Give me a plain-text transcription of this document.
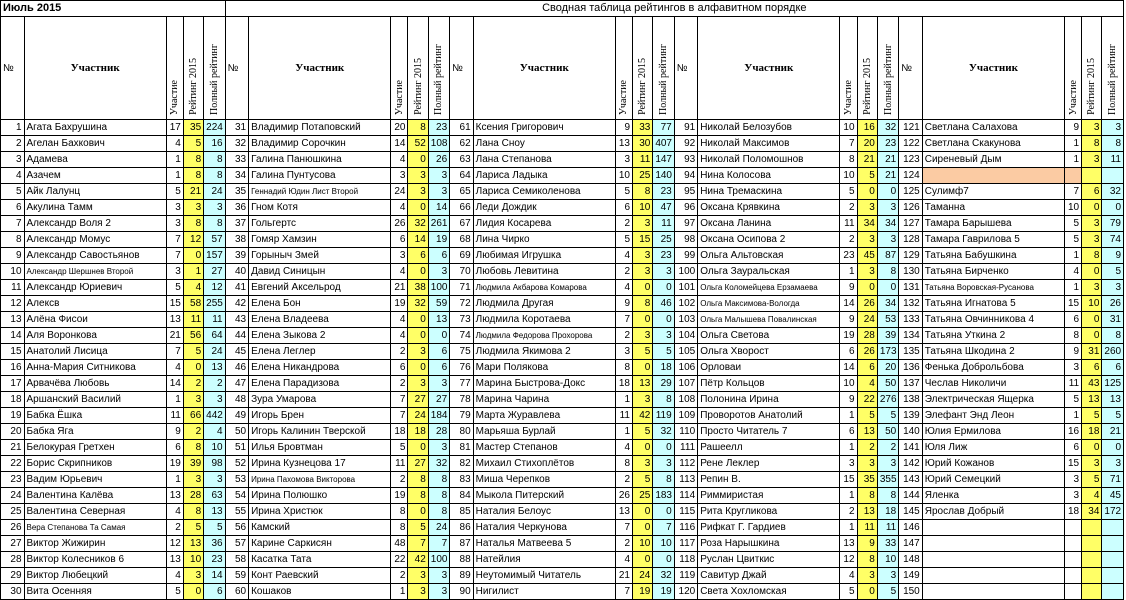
Июль 2015					Сводная таблица рейтингов в алфавитном порядке																			
№	Участник	Участие	Рейтинг 2015	Полный рейтинг	№	Участник	Участие	Рейтинг 2015	Полный рейтинг	№	Участник	Участие	Рейтинг 2015	Полный рейтинг	№	Участник	Участие	Рейтинг 2015	Полный рейтинг	№	Участник	Участие	Рейтинг 2015	Полный рейтинг
1	Агата Бахрушина	17	35	224	31	Владимир Потаповский	20	8	23	61	Ксения Григорович	9	33	77	91	Николай Белозубов	10	16	32	121	Светлана Салахова	9	3	3
2	Агелан Бахкович	4	5	16	32	Владимир Сорочкин	14	52	108	62	Лана Сноу	13	30	407	92	Николай Максимов	7	20	23	122	Светлана Скакунова	1	8	8
3	Адамева	1	8	8	33	Галина Панюшкина	4	0	26	63	Лана Степанова	3	11	147	93	Николай Поломошнов	8	21	21	123	Сиреневый Дым	1	3	11
4	Азачем	1	8	8	34	Галина Пунтусова	3	3	3	64	Лариса Ладыка	10	25	140	94	Нина Колосова	10	5	21	124				
5	Айк Лалунц	5	21	24	35	Геннадий Юдин Лист Второй	24	3	3	65	Лариса Семиколенова	5	8	23	95	Нина Тремаскина	5	0	0	125	Сулимф7	7	6	32
6	Акулина Тамм	3	3	3	36	Гном Котя	4	0	14	66	Леди Дождик	6	10	47	96	Оксана Крявкина	2	3	3	126	Таманна	10	0	0
7	Александр Воля 2	3	8	8	37	Гольгертс	26	32	261	67	Лидия Косарева	2	3	11	97	Оксана Ланина	11	34	34	127	Тамара Барышева	5	3	79
8	Александр Момус	7	12	57	38	Гомяр Хамзин	6	14	19	68	Лина Чирко	5	15	25	98	Оксана Осипова 2	2	3	3	128	Тамара Гаврилова 5	5	3	74
9	Александр Савостьянов	7	0	157	39	Горыныч Змей	3	6	6	69	Любимая Игрушка	4	3	23	99	Ольга Альтовская	23	45	87	129	Татьяна Бабушкина	1	8	9
10	Александр Шершнев Второй	3	1	27	40	Давид Синицын	4	0	3	70	Любовь Левитина	2	3	3	100	Ольга Зауральская	1	3	8	130	Татьяна Бирченко	4	0	5
11	Александр Юриевич	5	4	12	41	Евгений Аксельрод	21	38	100	71	Людмила Акбарова Комарова	4	0	0	101	Ольга Коломейцева Ерзамаева	9	0	0	131	Татьяна Воровская-Русанова	1	3	3
12	Алексв	15	58	255	42	Елена Бон	19	32	59	72	Людмила Другая	9	8	46	102	Ольга Максимова-Вологда	14	26	34	132	Татьяна Игнатова 5	15	10	26
13	Алёна Фисои	13	11	11	43	Елена Владеева	4	0	13	73	Людмила Коротаева	7	0	0	103	Ольга Малышева Повалинская	9	24	53	133	Татьяна Овчинникова 4	6	0	31
14	Аля Воронкова	21	56	64	44	Елена Зыкова 2	4	0	0	74	Людмила Федорова Прохорова	2	3	3	104	Ольга Светова	19	28	39	134	Татьяна Уткина 2	8	0	8
15	Анатолий Лисица	7	5	24	45	Елена Леглер	2	3	6	75	Людмила Якимова 2	3	5	5	105	Ольга Хворост	6	26	173	135	Татьяна Шкодина 2	9	31	260
16	Анна-Мария Ситникова	4	0	13	46	Елена Никандрова	6	0	6	76	Мари Полякова	8	0	18	106	Орловаи	14	6	20	136	Фенька Доброльбова	3	6	6
17	Арвачёва Любовь	14	2	2	47	Елена Парадизова	2	3	3	77	Марина Быстрова-Докс	18	13	29	107	Пётр Кольцов	10	4	50	137	Чеслав Николичи	11	43	125
18	Аршанский Василий	1	3	3	48	Зура Умарова	7	27	27	78	Марина Чарина	1	3	8	108	Полонина Ирина	9	22	276	138	Электрическая Ящерка	5	13	13
19	Бабка Ёшка	11	66	442	49	Игорь Брен	7	24	184	79	Марта Журавлева	11	42	119	109	Проворотов Анатолий	1	5	5	139	Элефант Энд Леон	1	5	5
20	Бабка Яга	9	2	4	50	Игорь Калинин Тверской	18	18	28	80	Марьяша Бурлай	1	5	32	110	Просто Читатель 7	6	13	50	140	Юлия Ермилова	16	18	21
21	Белокурая Гретхен	6	8	10	51	Илья Бровтман	5	0	3	81	Мастер Степанов	4	0	0	111	Рашеелл	1	2	2	141	Юля Лиж	6	0	0
22	Борис Скрипников	19	39	98	52	Ирина Кузнецова 17	11	27	32	82	Михаил Стихоплётов	8	3	3	112	Рене Леклер	3	3	3	142	Юрий Кожанов	15	3	3
23	Вадим Юрьевич	1	3	3	53	Ирина Пахомова Викторова	2	8	8	83	Миша Черепков	2	5	8	113	Репин В.	15	35	355	143	Юрий Семецкий	3	5	71
24	Валентина Калёва	13	28	63	54	Ирина Полюшко	19	8	8	84	Мыкола Питерский	26	25	183	114	Риммиристая	1	8	8	144	Яленка	3	4	45
25	Валентина Северная	4	8	13	55	Ирина Христюк	8	0	8	85	Наталия Белоус	13	0	0	115	Рита Кругликова	2	13	18	145	Ярослав Добрый	18	34	172
26	Вера Степанова Та Самая	2	5	5	56	Камский	8	5	24	86	Наталия Черкунова	7	0	7	116	Рифкат Г. Гардиев	1	11	11	146				
27	Виктор Жижирин	12	13	36	57	Карине Саркисян	48	7	7	87	Наталья Матвеева 5	2	10	10	117	Роза Нарышкина	13	9	33	147				
28	Виктор Колесников 6	13	10	23	58	Касатка Тата	22	42	100	88	Натейлия	4	0	0	118	Руслан Цвиткис	12	8	10	148				
29	Виктор Любецкий	4	3	14	59	Конт Раевский	2	3	3	89	Неутомимый Читатель	21	24	32	119	Савитур Джай	4	3	3	149				
30	Вита Осенняя	5	0	6	60	Кошаков	1	3	3	90	Нигилист	7	19	19	120	Света Хохломская	5	0	5	150				
